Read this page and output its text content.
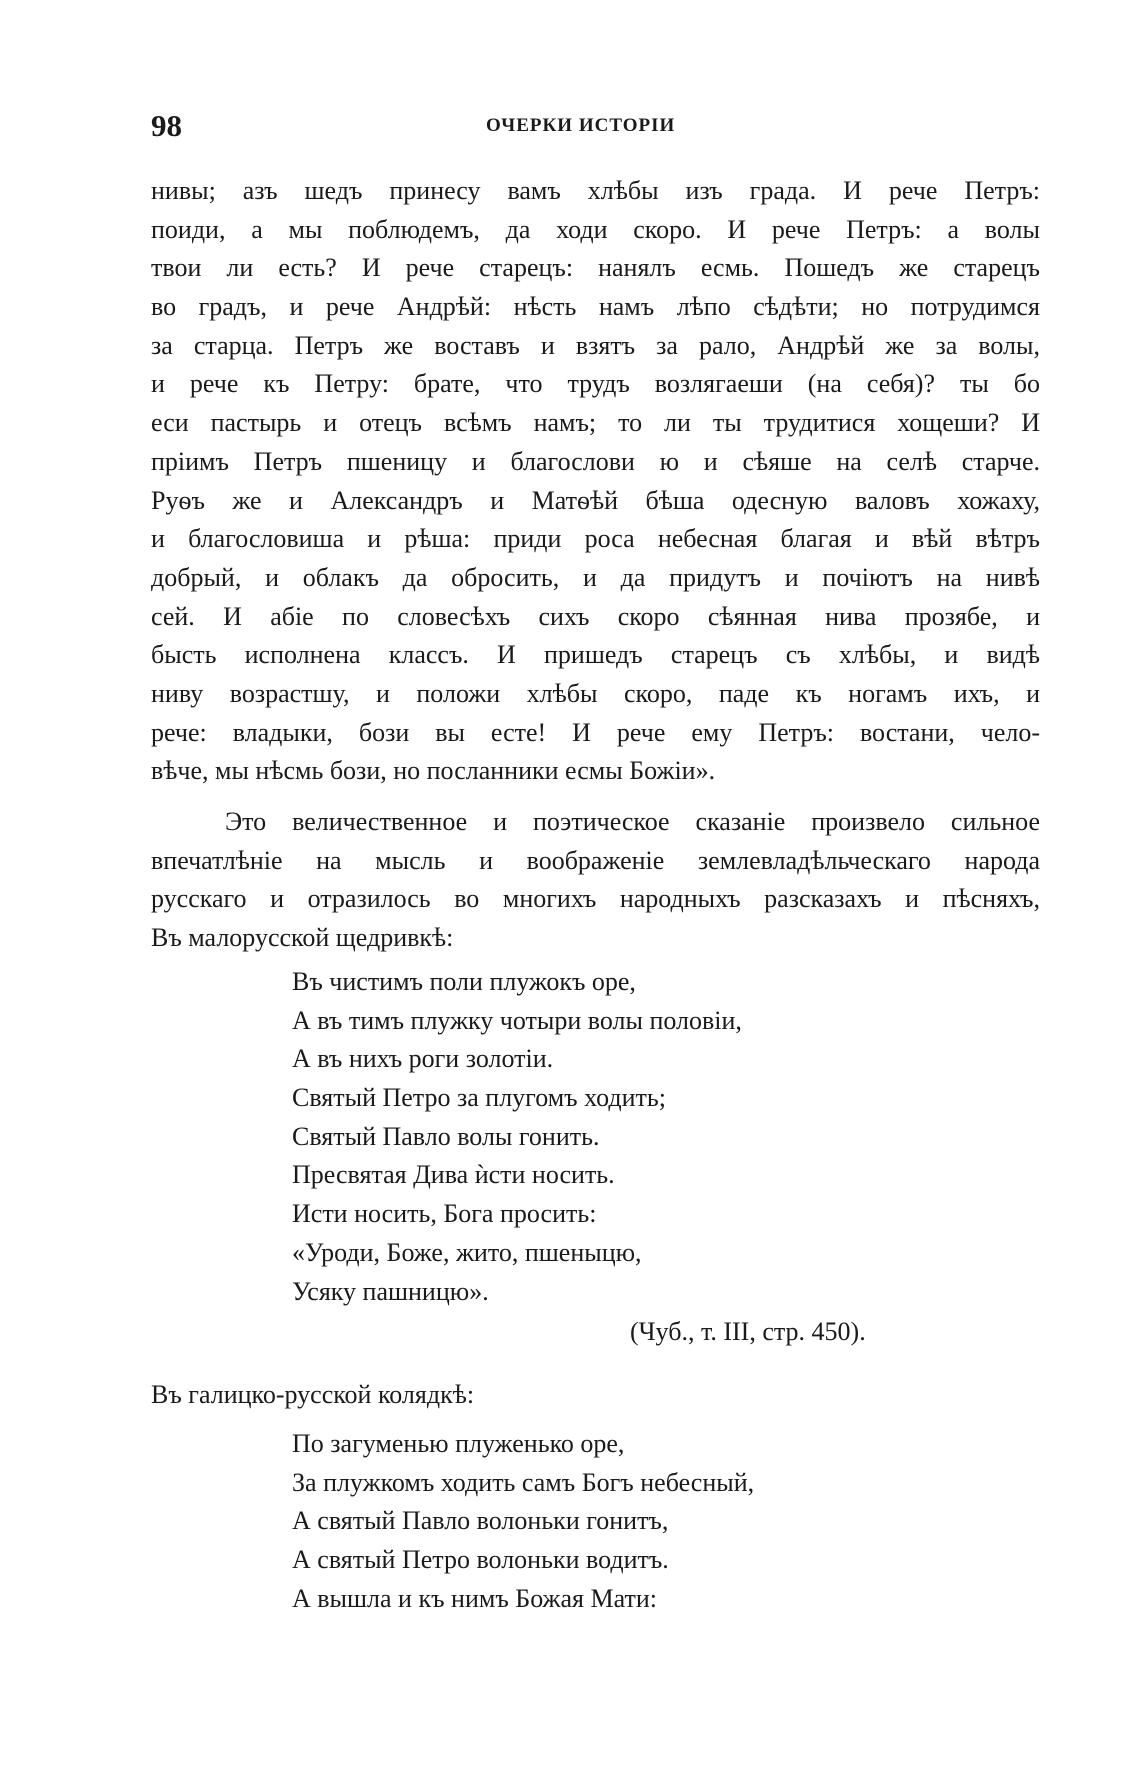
98	ОЧЕРКИ ИСТОРІИ
нивы; азъ шедъ принесу вамъ хлѣбы изъ града. И рече Петръ:
поиди, а мы поблюдемъ, да ходи скоро. И рече Петръ: а волы
твои ли есть? И рече старецъ: нанялъ есмь. Пошедъ же старецъ
во градъ, и рече Андрѣй: нѣсть намъ лѣпо сѣдѣти; но потрудимся
за старца. Петръ же воставъ и взятъ за рало, Андрѣй же за волы,
и рече къ Петру: брате, что трудъ возлягаеши (на себя)? ты бо
еси пастырь и отецъ всѣмъ намъ; то ли ты трудитися хощеши? И
пріимъ Петръ пшеницу и благослови ю и сѣяше на селѣ старче.
Руѳъ же и Александръ и Матѳѣй бѣша одесную валовъ хожаху,
и благословиша и рѣша: приди роса небесная благая и вѣй вѣтръ
добрый, и облакъ да обросить, и да придутъ и почіютъ на нивѣ
сей. И абіе по словесѣхъ сихъ скоро сѣянная нива прозябе, и
бысть исполнена классъ. И пришедъ старецъ съ хлѣбы, и видѣ
ниву возрастшу, и положи хлѣбы скоро, паде къ ногамъ ихъ, и
рече: владыки, бози вы есте! И рече ему Петръ: востани, чело-
вѣче, мы нѣсмь бози, но посланники есмы Божіи».
Это величественное и поэтическое сказаніе произвело сильное
впечатлѣніе на мысль и воображеніе землевладѣльческаго народа
русскаго и отразилось во многихъ народныхъ разсказахъ и пѣсняхъ,
Въ малорусской щедривкѣ:
Въ чистимъ поли плужокъ оре,
А въ тимъ плужку чотыри волы половіи,
А въ нихъ роги золотіи.
Святый Петро за плугомъ ходить;
Святый Павло волы гонить.
Пресвятая Дива ѝсти носить.
Исти носить, Бога просить:
«Уроди, Боже, жито, пшеныцю,
Усяку пашницю».
(Чуб., т. III, стр. 450).
Въ галицко-русской колядкѣ:
По загуменью плуженько оре,
За плужкомъ ходить самъ Богъ небесный,
А святый Павло волоньки гонитъ,
А святый Петро волоньки водитъ.
А вышла и къ нимъ Божая Мати:
